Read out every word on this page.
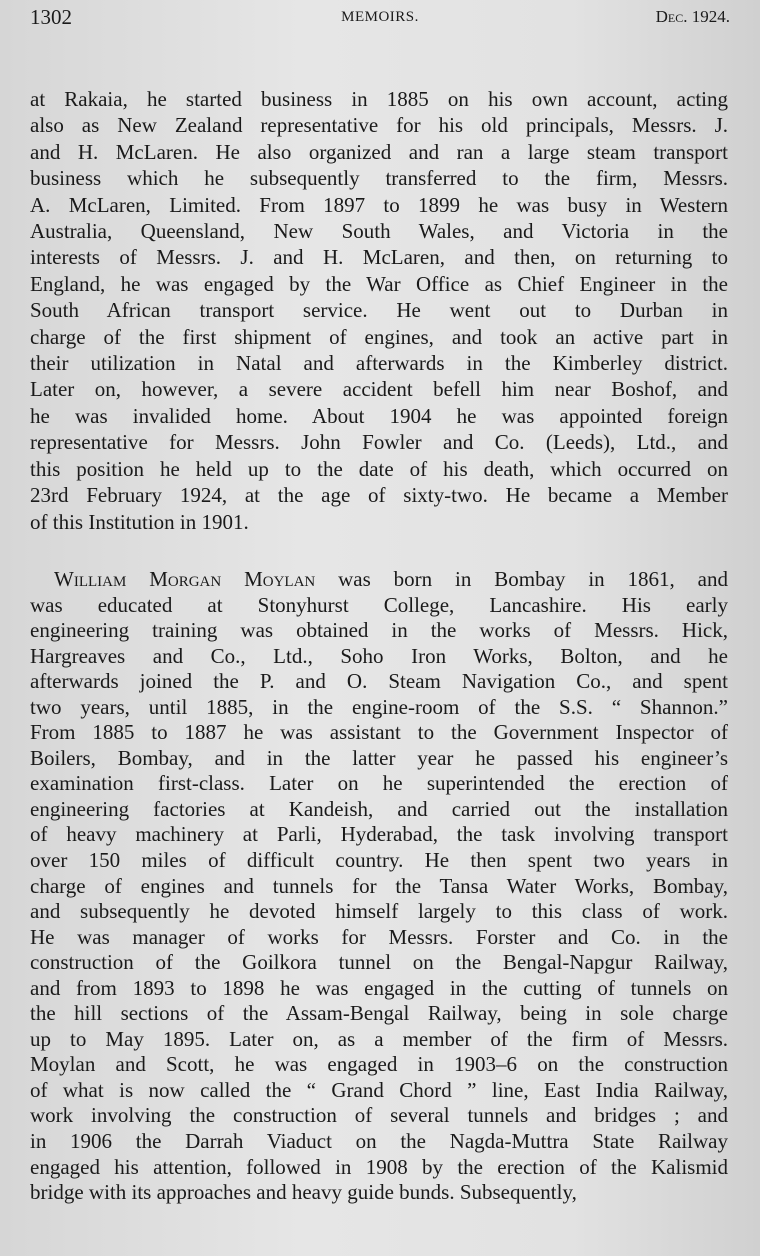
1302	MEMOIRS.	Dec. 1924.
at Rakaia, he started business in 1885 on his own account, acting
also as New Zealand representative for his old principals, Messrs. J.
and H. McLaren. He also organized and ran a large steam transport
business which he subsequently transferred to the firm, Messrs.
A. McLaren, Limited. From 1897 to 1899 he was busy in Western
Australia, Queensland, New South Wales, and Victoria in the
interests of Messrs. J. and H. McLaren, and then, on returning to
England, he was engaged by the War Office as Chief Engineer in the
South African transport service. He went out to Durban in
charge of the first shipment of engines, and took an active part in
their utilization in Natal and afterwards in the Kimberley district.
Later on, however, a severe accident befell him near Boshof, and
he was invalided home. About 1904 he was appointed foreign
representative for Messrs. John Fowler and Co. (Leeds), Ltd., and
this position he held up to the date of his death, which occurred on
23rd February 1924, at the age of sixty-two. He became a Member
of this Institution in 1901.
William Morgan Moylan was born in Bombay in 1861, and
was educated at Stonyhurst College, Lancashire. His early
engineering training was obtained in the works of Messrs. Hick,
Hargreaves and Co., Ltd., Soho Iron Works, Bolton, and he
afterwards joined the P. and O. Steam Navigation Co., and spent
two years, until 1885, in the engine-room of the S.S. “ Shannon.”
From 1885 to 1887 he was assistant to the Government Inspector of
Boilers, Bombay, and in the latter year he passed his engineer’s
examination first-class. Later on he superintended the erection of
engineering factories at Kandeish, and carried out the installation
of heavy machinery at Parli, Hyderabad, the task involving transport
over 150 miles of difficult country. He then spent two years in
charge of engines and tunnels for the Tansa Water Works, Bombay,
and subsequently he devoted himself largely to this class of work.
He was manager of works for Messrs. Forster and Co. in the
construction of the Goilkora tunnel on the Bengal-Napgur Railway,
and from 1893 to 1898 he was engaged in the cutting of tunnels on
the hill sections of the Assam-Bengal Railway, being in sole charge
up to May 1895. Later on, as a member of the firm of Messrs.
Moylan and Scott, he was engaged in 1903–6 on the construction
of what is now called the “ Grand Chord ” line, East India Railway,
work involving the construction of several tunnels and bridges ; and
in 1906 the Darrah Viaduct on the Nagda-Muttra State Railway
engaged his attention, followed in 1908 by the erection of the Kalismid
bridge with its approaches and heavy guide bunds. Subsequently,
